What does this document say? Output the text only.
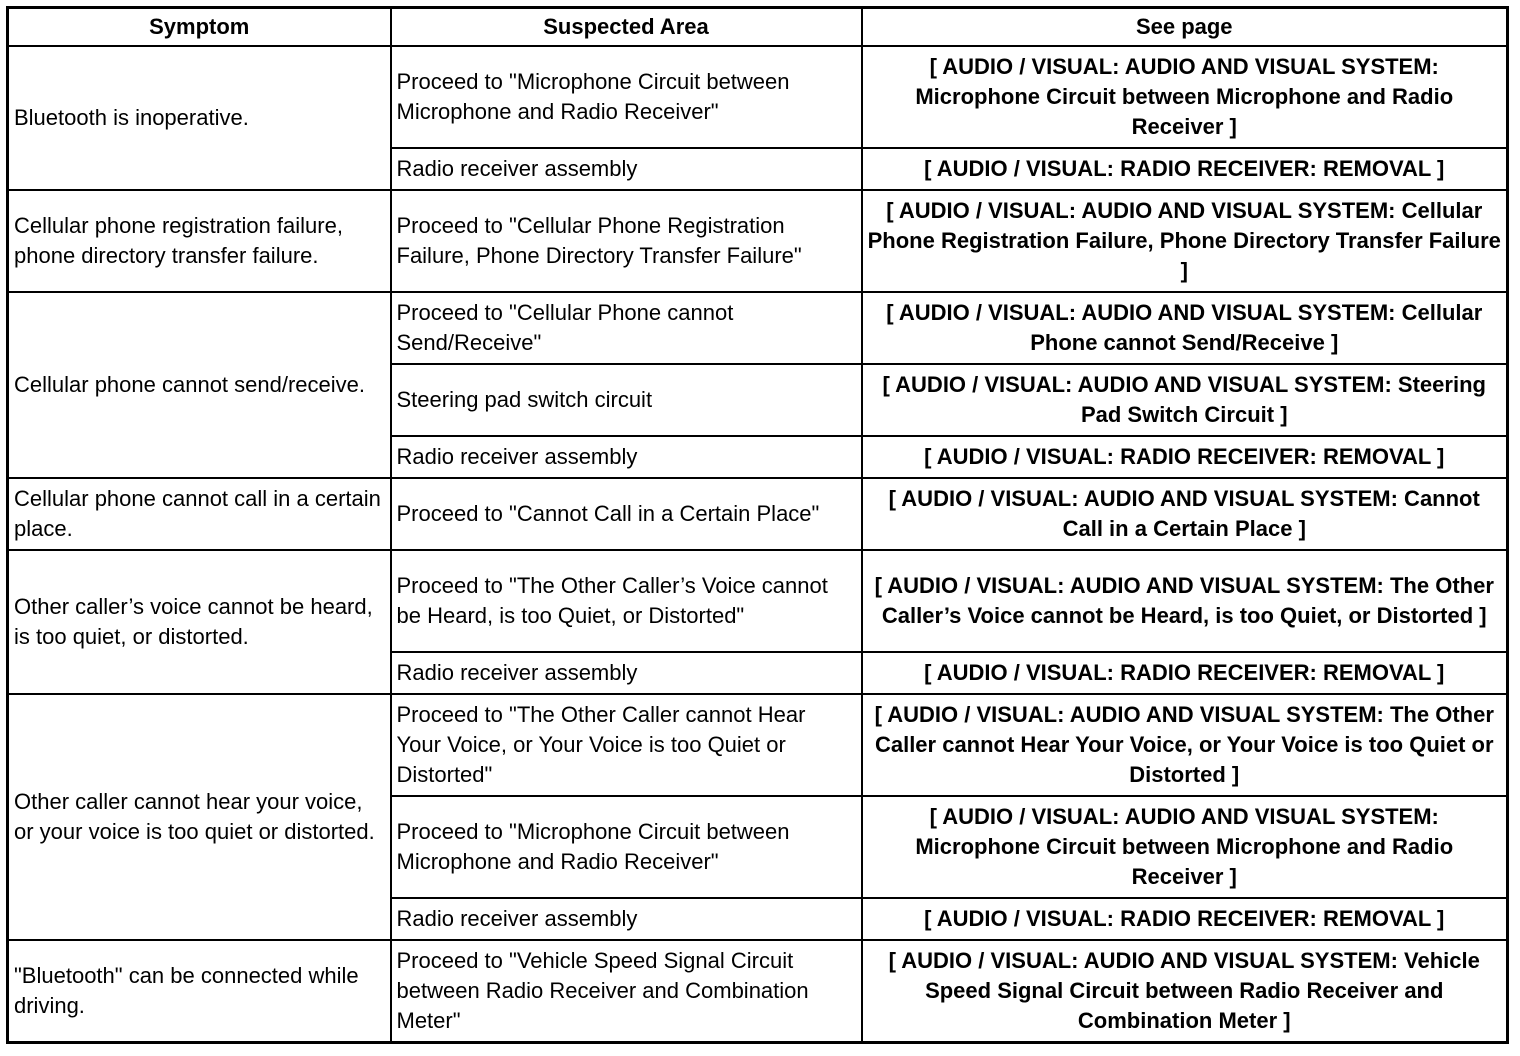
Symptom	Suspected Area	See page
Bluetooth is inoperative.	Proceed to "Microphone Circuit between Microphone and Radio Receiver"	[ AUDIO / VISUAL: AUDIO AND VISUAL SYSTEM: Microphone Circuit between Microphone and Radio Receiver ]
	Radio receiver assembly	[ AUDIO / VISUAL: RADIO RECEIVER: REMOVAL ]
Cellular phone registration failure, phone directory transfer failure.	Proceed to "Cellular Phone Registration Failure, Phone Directory Transfer Failure"	[ AUDIO / VISUAL: AUDIO AND VISUAL SYSTEM: Cellular Phone Registration Failure, Phone Directory Transfer Failure ]
Cellular phone cannot send/receive.	Proceed to "Cellular Phone cannot Send/Receive"	[ AUDIO / VISUAL: AUDIO AND VISUAL SYSTEM: Cellular Phone cannot Send/Receive ]
	Steering pad switch circuit	[ AUDIO / VISUAL: AUDIO AND VISUAL SYSTEM: Steering Pad Switch Circuit ]
	Radio receiver assembly	[ AUDIO / VISUAL: RADIO RECEIVER: REMOVAL ]
Cellular phone cannot call in a certain place.	Proceed to "Cannot Call in a Certain Place"	[ AUDIO / VISUAL: AUDIO AND VISUAL SYSTEM: Cannot Call in a Certain Place ]
Other caller’s voice cannot be heard, is too quiet, or distorted.	Proceed to "The Other Caller’s Voice cannot be Heard, is too Quiet, or Distorted"	[ AUDIO / VISUAL: AUDIO AND VISUAL SYSTEM: The Other Caller’s Voice cannot be Heard, is too Quiet, or Distorted ]
	Radio receiver assembly	[ AUDIO / VISUAL: RADIO RECEIVER: REMOVAL ]
Other caller cannot hear your voice, or your voice is too quiet or distorted.	Proceed to "The Other Caller cannot Hear Your Voice, or Your Voice is too Quiet or Distorted"	[ AUDIO / VISUAL: AUDIO AND VISUAL SYSTEM: The Other Caller cannot Hear Your Voice, or Your Voice is too Quiet or Distorted ]
	Proceed to "Microphone Circuit between Microphone and Radio Receiver"	[ AUDIO / VISUAL: AUDIO AND VISUAL SYSTEM: Microphone Circuit between Microphone and Radio Receiver ]
	Radio receiver assembly	[ AUDIO / VISUAL: RADIO RECEIVER: REMOVAL ]
"Bluetooth" can be connected while driving.	Proceed to "Vehicle Speed Signal Circuit between Radio Receiver and Combination Meter"	[ AUDIO / VISUAL: AUDIO AND VISUAL SYSTEM: Vehicle Speed Signal Circuit between Radio Receiver and Combination Meter ]
